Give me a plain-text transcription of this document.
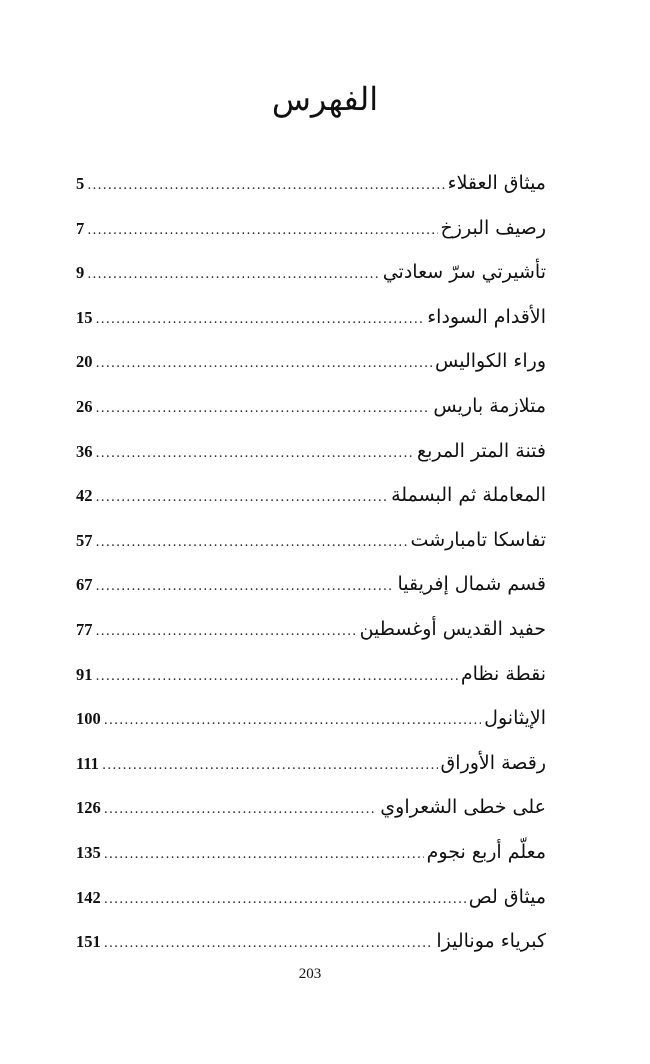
الفهرس
5 .....	ميثاق العقلاء
7 .....	رصيف البرزخ
9 .....	تأشيرتي سرّ سعادتي
15 .....	الأقدام السوداء
20 .....	وراء الكواليس
26 .....	متلازمة باريس
36 .....	فتنة المتر المربع
42 .....	المعاملة ثم البسملة
57 .....	تفاسكا تامبارشت
67 .....	قسم شمال إفريقيا
77 .....	حفيد القديس أوغسطين
91 .....	نقطة نظام
100 .....	الإيثانول
111 .....	رقصة الأوراق
126 .....	على خطى الشعراوي
135 .....	معلّم أربع نجوم
142 .....	ميثاق لص
151 .....	كبرياء موناليزا
203
